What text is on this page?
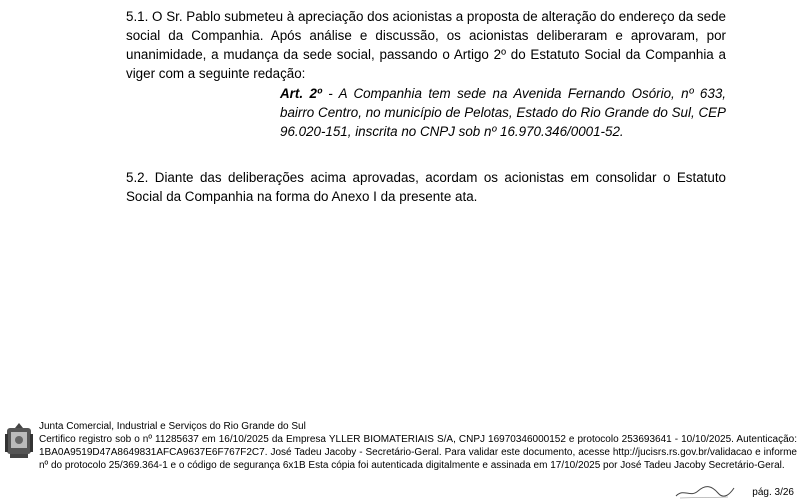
5.1. O Sr. Pablo submeteu à apreciação dos acionistas a proposta de alteração do endereço da sede social da Companhia. Após análise e discussão, os acionistas deliberaram e aprovaram, por unanimidade, a mudança da sede social, passando o Artigo 2º do Estatuto Social da Companhia a viger com a seguinte redação:

Art. 2º - A Companhia tem sede na Avenida Fernando Osório, nº 633, bairro Centro, no município de Pelotas, Estado do Rio Grande do Sul, CEP 96.020-151, inscrita no CNPJ sob nº 16.970.346/0001-52.

5.2. Diante das deliberações acima aprovadas, acordam os acionistas em consolidar o Estatuto Social da Companhia na forma do Anexo I da presente ata.

Junta Comercial, Industrial e Serviços do Rio Grande do Sul
Certifico registro sob o nº 11285637 em 16/10/2025 da Empresa YLLER BIOMATERIAIS S/A, CNPJ 16970346000152 e protocolo 253693641 - 10/10/2025. Autenticação: 1BA0A9519D47A8649831AFCA9637E6F767F2C7. José Tadeu Jacoby - Secretário-Geral. Para validar este documento, acesse http://jucisrs.rs.gov.br/validacao e informe nº do protocolo 25/369.364-1 e o código de segurança 6x1B Esta cópia foi autenticada digitalmente e assinada em 17/10/2025 por José Tadeu Jacoby Secretário-Geral.

pág. 3/26
